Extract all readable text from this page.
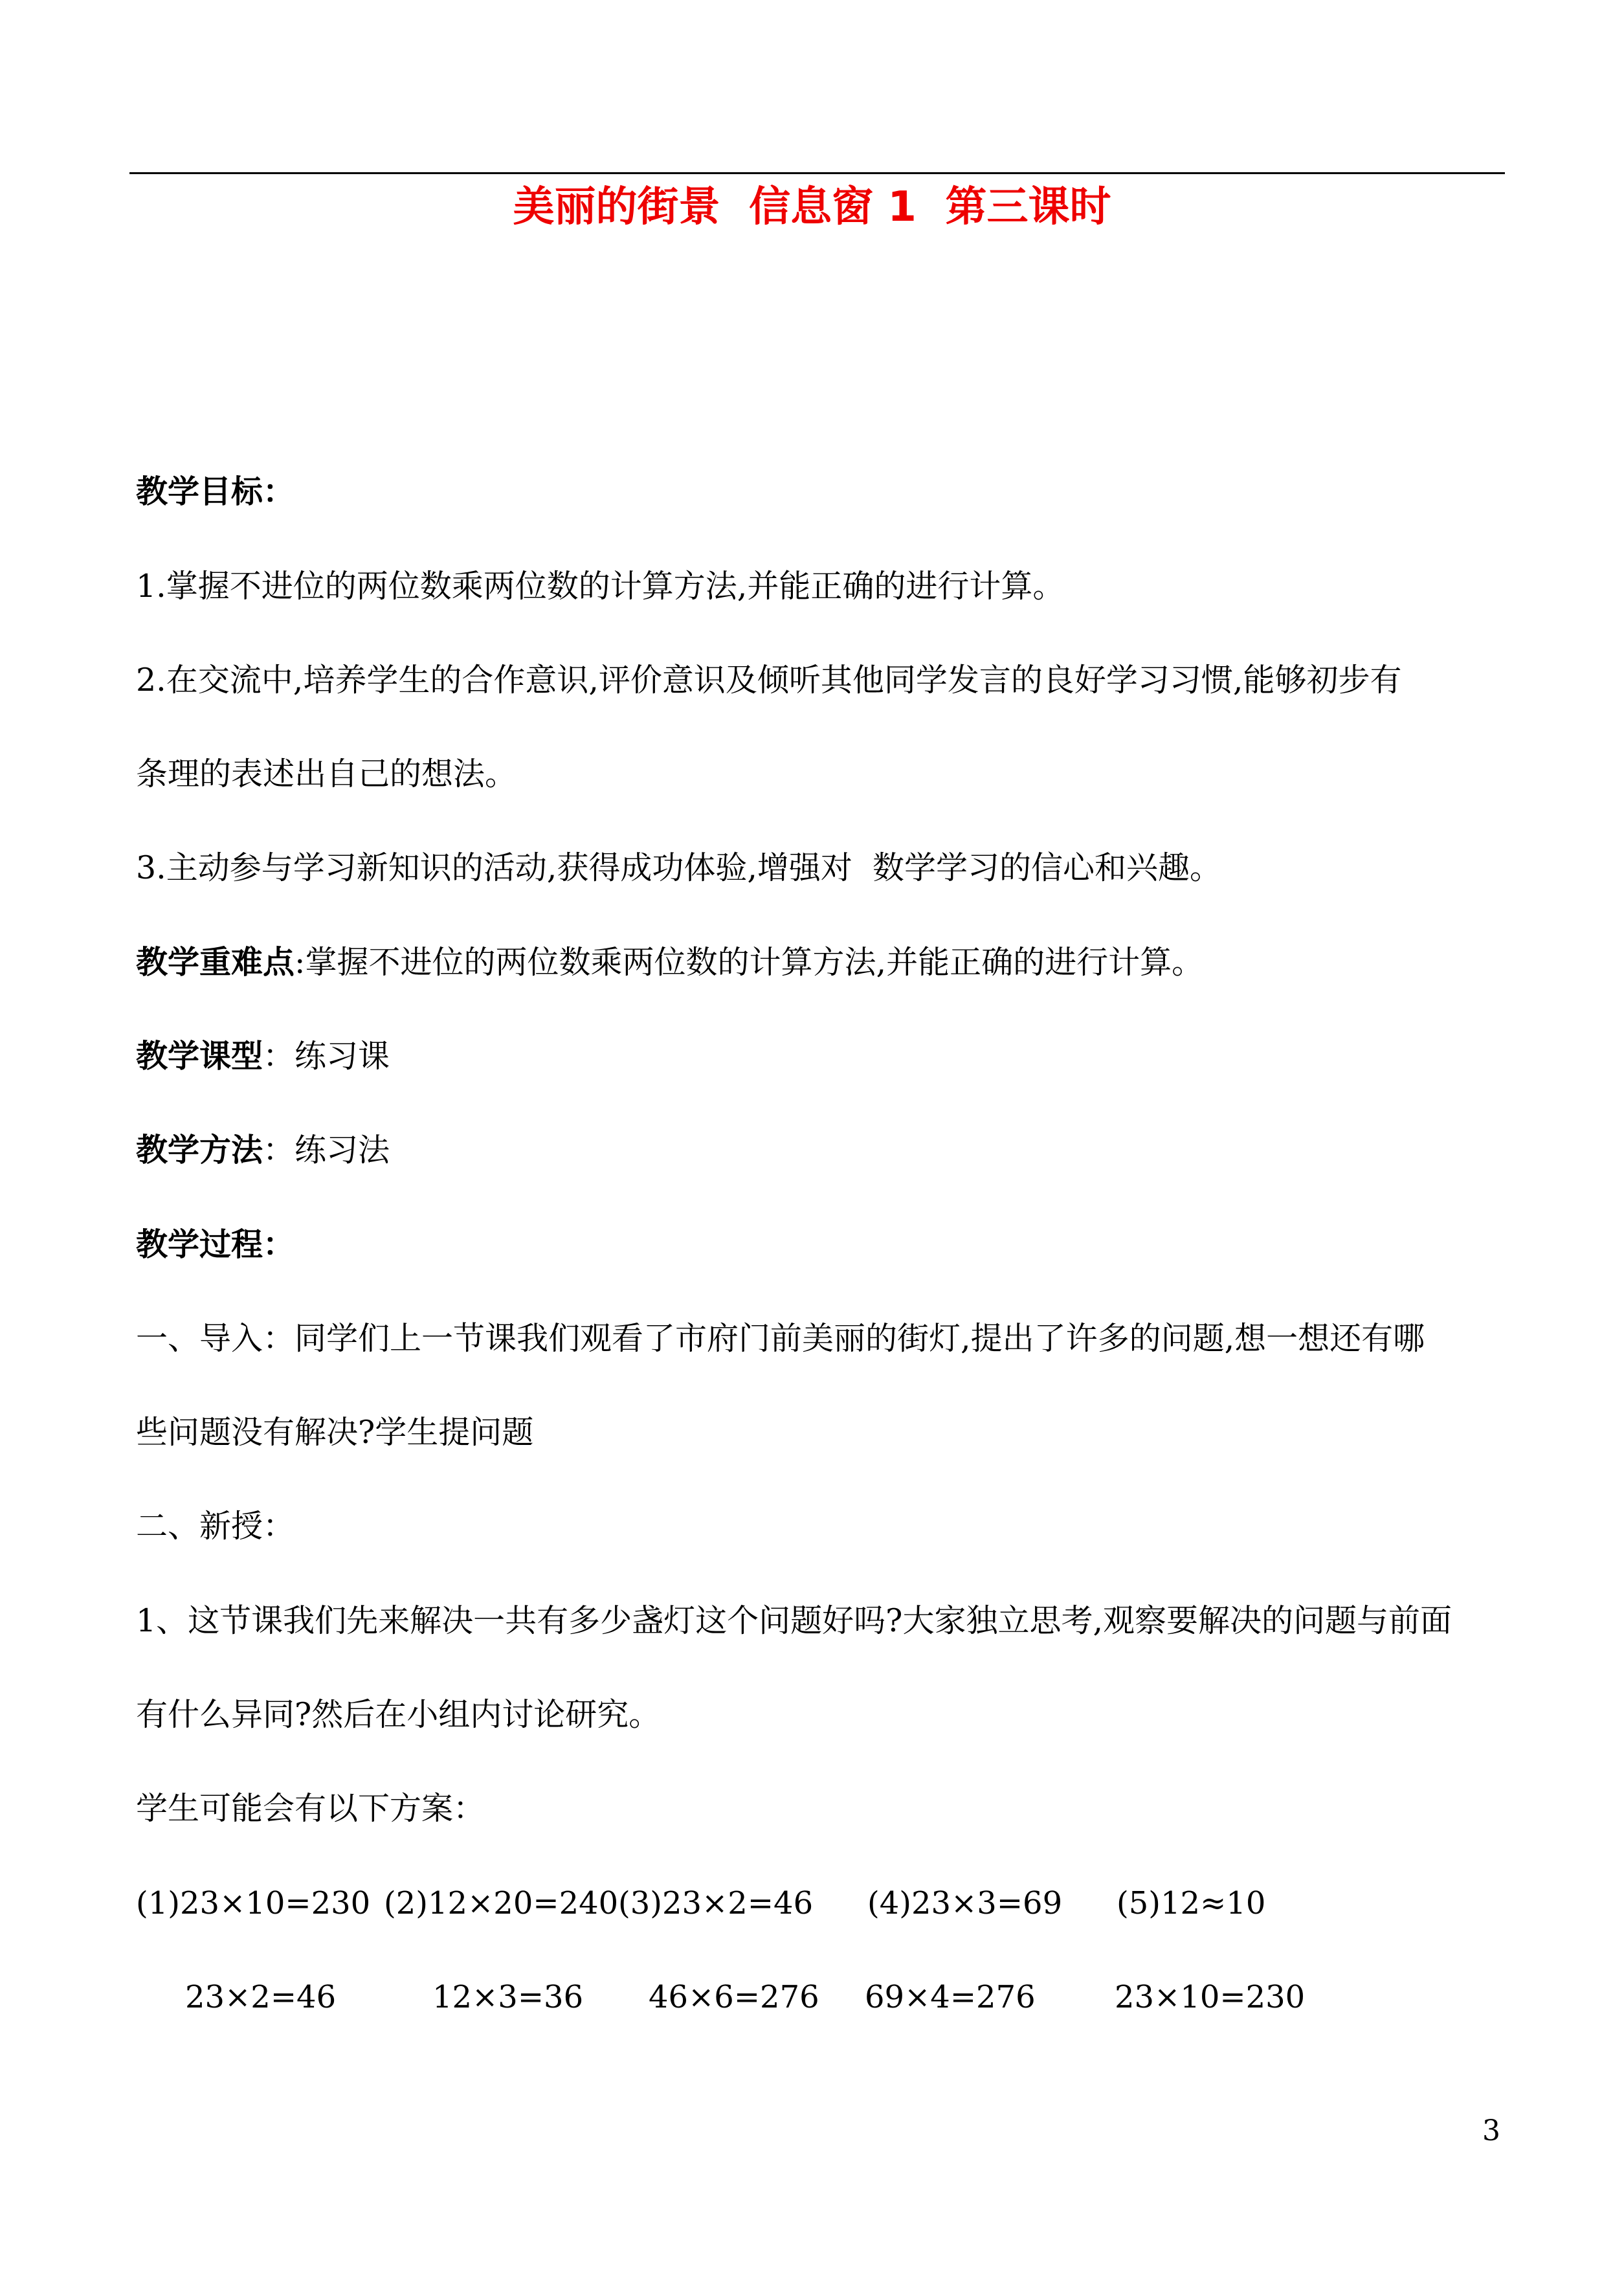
美丽的街景  信息窗 1  第三课时
教学目标：
1.掌握不进位的两位数乘两位数的计算方法,并能正确的进行计算。
2.在交流中,培养学生的合作意识,评价意识及倾听其他同学发言的良好学习习惯,能够初步有
条理的表述出自己的想法。
3.主动参与学习新知识的活动,获得成功体验,增强对  数学学习的信心和兴趣。
教学重难点:掌握不进位的两位数乘两位数的计算方法,并能正确的进行计算。
教学课型：练习课
教学方法：练习法
教学过程：
一、导入：同学们上一节课我们观看了市府门前美丽的街灯,提出了许多的问题,想一想还有哪
些问题没有解决?学生提问题
二、新授：
1、这节课我们先来解决一共有多少盏灯这个问题好吗?大家独立思考,观察要解决的问题与前面
有什么异同?然后在小组内讨论研究。
学生可能会有以下方案：
(1)23×10=230 (2)12×20=240 (3)23×2=46 (4)23×3=69 (5)12≈10
23×2=46	12×3=36 46×6=276 69×4=276	23×10=230
3
